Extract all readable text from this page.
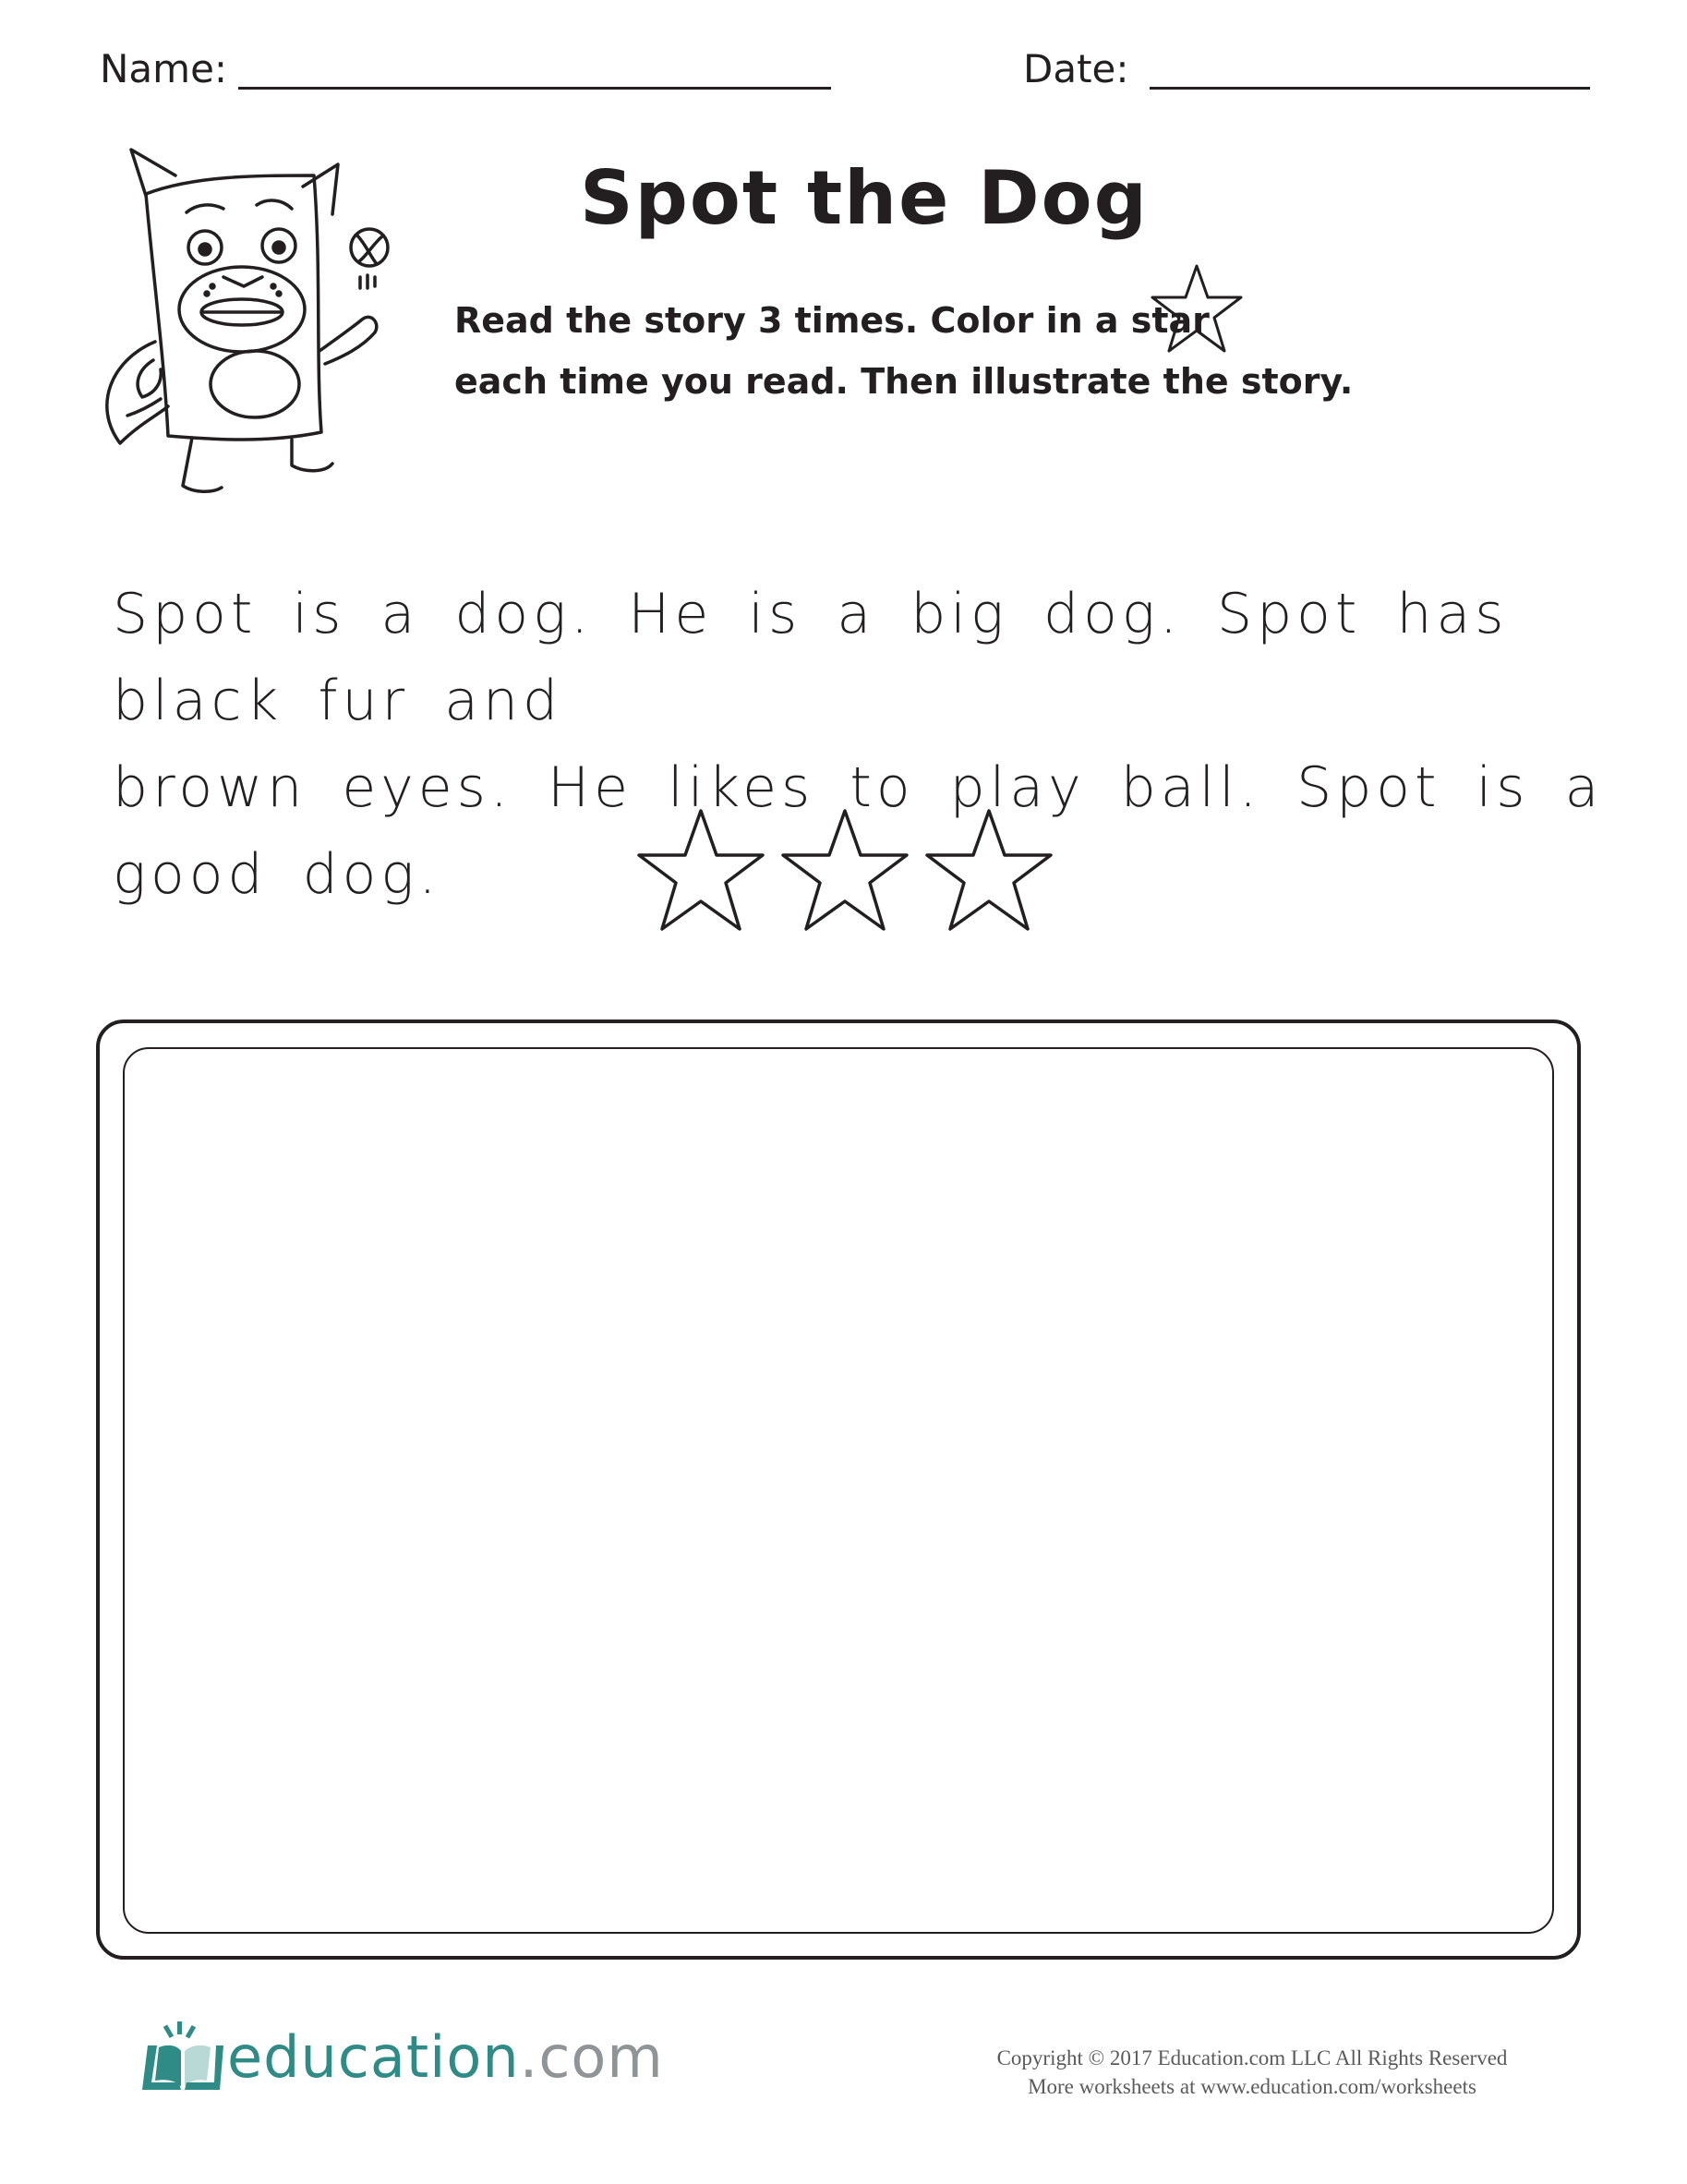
Name:	Date:
Spot the Dog
Read the story 3 times. Color in a star
each time you read. Then illustrate the story.
Spot is a dog. He is a big dog. Spot has black fur and
brown eyes. He likes to play ball. Spot is a good dog.
education.com	Copyright © 2017 Education.com LLC All Rights Reserved
More worksheets at www.education.com/worksheets
